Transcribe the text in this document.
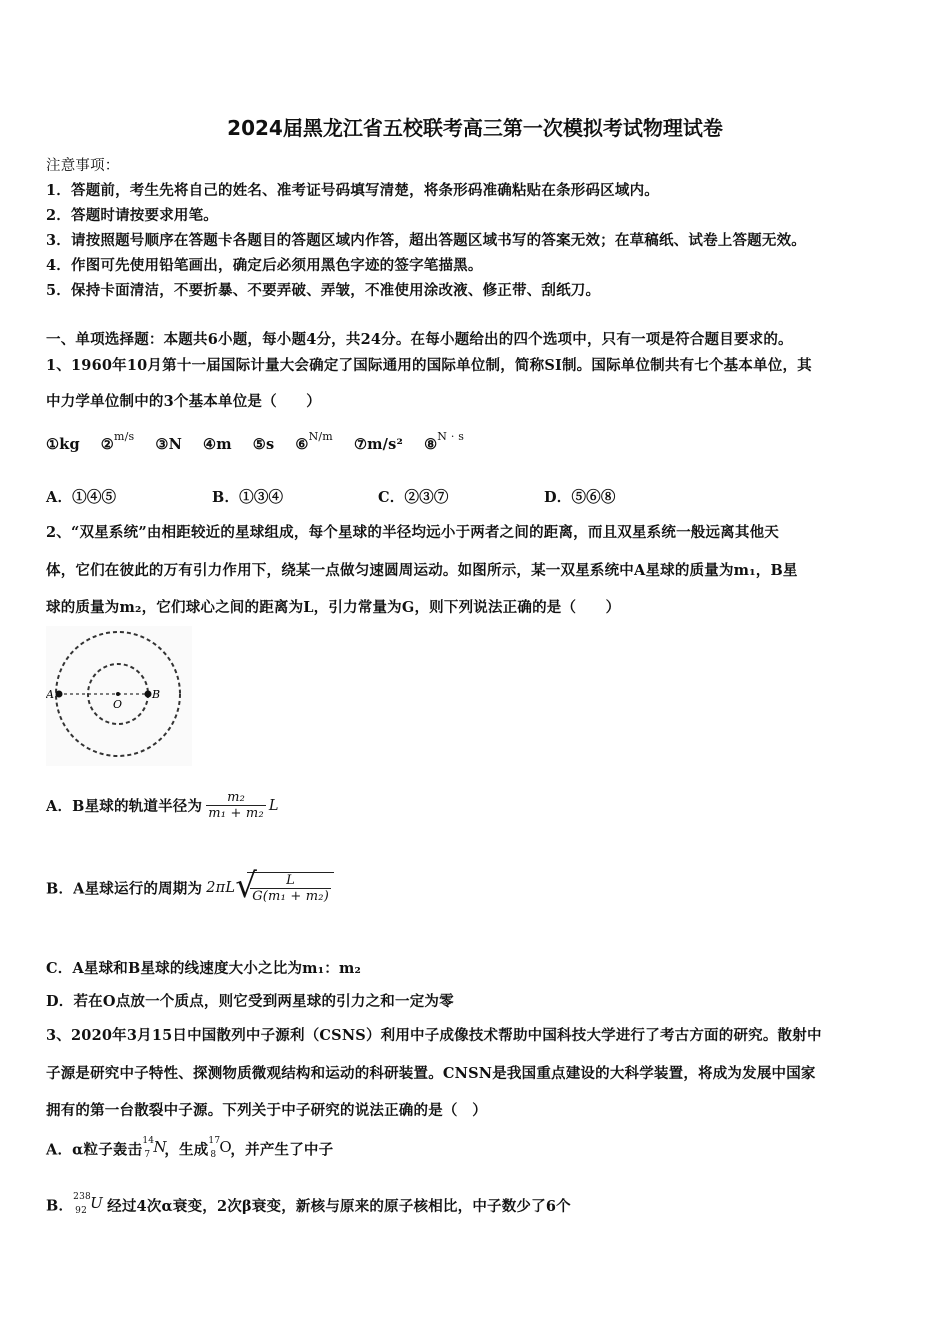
2024届黑龙江省五校联考高三第一次模拟考试物理试卷
注意事项：
1．答题前，考生先将自己的姓名、准考证号码填写清楚，将条形码准确粘贴在条形码区域内。
2．答题时请按要求用笔。
3．请按照题号顺序在答题卡各题目的答题区域内作答，超出答题区域书写的答案无效；在草稿纸、试卷上答题无效。
4．作图可先使用铅笔画出，确定后必须用黑色字迹的签字笔描黑。
5．保持卡面清洁，不要折暴、不要弄破、弄皱，不准使用涂改液、修正带、刮纸刀。
一、单项选择题：本题共6小题，每小题4分，共24分。在每小题给出的四个选项中，只有一项是符合题目要求的。
1、1960年10月第十一届国际计量大会确定了国际通用的国际单位制，简称SI制。国际单位制共有七个基本单位，其
中力学单位制中的3个基本单位是（　　）
①kg ②$^{m/s}$ ③N ④m ⑤s ⑥$^{N/m}$ ⑦m/s² ⑧$^{N \cdot s}$
A．①④⑤	B．①③④	C．②③⑦	D．⑤⑥⑧
2、“双星系统”由相距较近的星球组成，每个星球的半径均远小于两者之间的距离，而且双星系统一般远离其他天
体，它们在彼此的万有引力作用下，绕某一点做匀速圆周运动。如图所示，某一双星系统中A星球的质量为m₁，B星
球的质量为m₂，它们球心之间的距离为L，引力常量为G，则下列说法正确的是（　　）
A	B
O
A．B星球的轨道半径为 $\frac{\text{m₂}}{\text{m₁ + m₂}}$ L
B．A星球运行的周期为 2πL √
$\frac{L}{\text{G(m₁ + m₂)}}$
C．A星球和B星球的线速度大小之比为m₁：m₂
D．若在O点放一个质点，则它受到两星球的引力之和一定为零
3、2020年3月15日中国散列中子源利（CSNS）利用中子成像技术帮助中国科技大学进行了考古方面的研究。散射中
子源是研究中子特性、探测物质微观结构和运动的科研装置。CNSN是我国重点建设的大科学装置，将成为发展中国家
拥有的第一台散裂中子源。下列关于中子研究的说法正确的是（　）
A．α粒子轰击
14
7 N
，生成
17
8 O
，并产生了中子
B．
238
92 U 经过4次α衰变，2次β衰变，新核与原来的原子核相比，中子数少了6个
